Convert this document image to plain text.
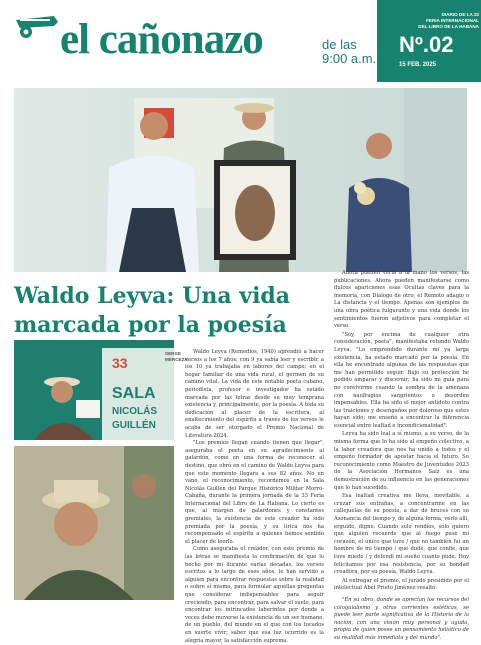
el cañonazo	de las
9:00 a.m.
DIARIO DE LA 33
FERIA INTERNACIONAL
DEL LIBRO DE LA HABANA
Nº.02
15 FEB. 2025
Waldo Leyva: Una vida marcada por la poesía
33
SALA
NICOLÁS
GUILLÉN
SERGE
MERCEZA

Waldo Leyva (Remedios, 1940) aprendió a hacer versos a los 7 años; con 9 ya sabía leer y escribir, a los 10 ya trabajaba en labores del campo; en el hogar familiar de una vida rural, el germen de su camino vital. La vida de este notable poeta cubano, periodista, profesor e investigador ha estado marcada por las letras desde su muy temprana existencia y, principalmente, por la poesía. A toda su dedicación al placer de la escritura, al enaltecimiento del espíritu a través de los versos le acaba de ser otorgado el Premio Nacional de Literatura 2024.

"Los premios llegan cuando tienen que llegar", aseguraba el poeta en su agradecimiento al galardón, como en una forma de reconocer al destino, que obró en el camino de Waldo Leyva para que este momento llegara a sus 82 años. No en vano, el reconocimiento, recordemos en la Sala Nicolás Guillén del Parque Histórico Militar Morro-Cabaña, durante la primera jornada de la 33 Feria Internacional del Libro de La Habana. Lo cierto es que, al margen de galardones y constantes gremiales, la existencia de este creador ha sido premiada por la poesía, y su lírica nos ha recompensado el espíritu a quienes hemos sentido el placer de leerlo.

Como aseguraba el creador, con este premio de las letras se manifiesta la confirmación de que lo hecho por mi durante varias décadas, los versos escritos a lo largo de esos años, le han servido a alguien para encontrar respuestas sobre la realidad o sobre sí mismo, para formular aquellas preguntas que considerar indispensables para seguir creciendo, para encontrar, para salvar el suelo, para encontrar los intrincados laberintos por donde a veces debe moverse la existencia de un ser humano, de un pueblo, del mundo en el que con los tocados en suerte vivir; saber que esa luz ocurrido es la alegría mayor, la satisfacción suprema.

Ahora pueden verla a la mano los versos, las publicaciones. Ahora pueden manifestarse como dulces apariciones esas Ocultas claves para la memoria, con Diálogo de otro, el Remoto adagio o La distancia y el tiempo. Apenas son ejemplos de una obra poética fulgurante y una vida donde los sentimientos fueron adjetivos para completar el verso.

"Soy, por encima de cualquier otra consideración, poeta", manifestaba rotundo Waldo Leyva. "Lo emprendido durante mi ya larga existencia, ha estado marcado por la poesía. En ella he encontrado algunas de las respuestas que me han permitido seguir. Bajo su protección he podido amparar y discernir; ha sido mi guía para no convivirme cuando la sombra de la amenaza con naufragios sangrientos o desorden impensables. Ella ha sido el mejor antídoto contra las traiciones y desengaños por doloroso que estos hayan sido; me enseñó a encontrar la diferencia esencial entre lealtad e incondicionalidad".

Leyva ha sido leal a sí mismo, a su verso, de la misma forma que lo ha sido al empeño colectivo, a la labor creadora que nos ha unido a todos y el empeño formador de apostar hacia el futuro. Su reconocimiento como Maestro de Juventudes 2023 de la Asociación Hermanos Saíz es una demostración de su influencia en las generaciones que lo han sucedido.

Esa lealtad creativa me lleva, inevitable, a cruzar sus entrañas, a concentrarme en las callejuelas de su poesía, a dar de bruces con su Asonancia del tiempo y, de alguna forma, verlo allí, erguido, digno. Cuando solo rendíos, sólo quiero que alguien recuerde que al fuego puse mi corazón, el único que tuve / que no también fui un hombre de mi tiempo / que dudé, que confié, que tuve miedo / y defendí mi sueño cuanto pude. Hoy felicitamos por esa resistencia, por su bondad creadora, por su poesía, Waldo Leyva.

Al entregar el premio, el jurado presidido por el intelectual Abel Prieto Jiménez resaltó:

"En su obra, donde se aprecian los recursos del coloquialismo y otras corrientes estéticas, se puede leer parte significativa de la Historia de la nación, con una visión muy personal y aguda, propia de quien posee un pensamiento heliótico de su realidad más inmediata y del mundo".
